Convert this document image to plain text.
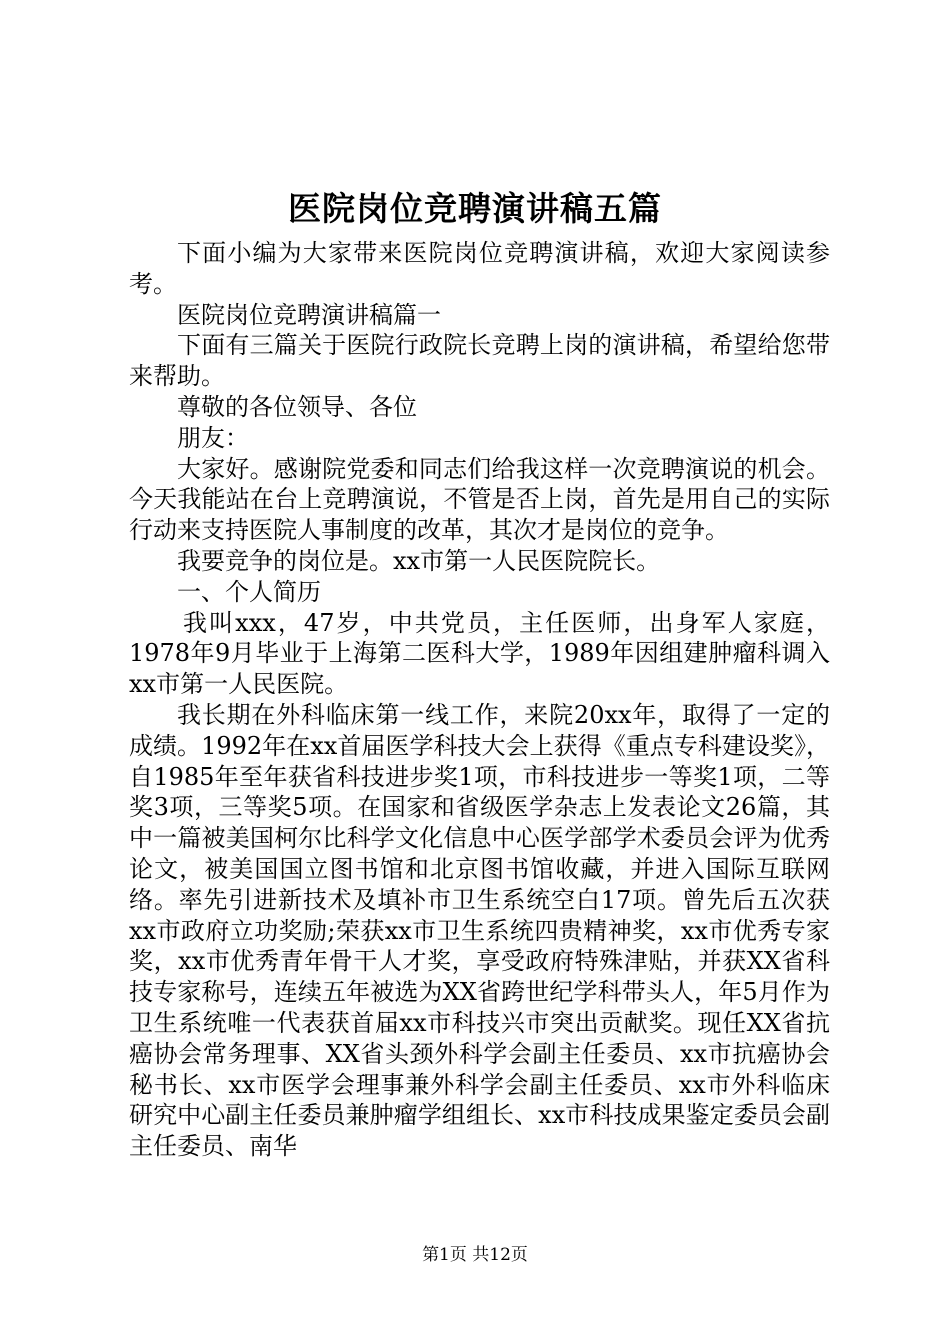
医院岗位竞聘演讲稿五篇

下面小编为大家带来医院岗位竞聘演讲稿，欢迎大家阅读参考。

医院岗位竞聘演讲稿篇一

下面有三篇关于医院行政院长竞聘上岗的演讲稿，希望给您带来帮助。

尊敬的各位领导、各位

朋友：

大家好。感谢院党委和同志们给我这样一次竞聘演说的机会。今天我能站在台上竞聘演说，不管是否上岗，首先是用自己的实际行动来支持医院人事制度的改革，其次才是岗位的竞争。

我要竞争的岗位是。xx市第一人民医院院长。

一、个人简历

我叫xxx，47岁，中共党员，主任医师，出身军人家庭，1978年9月毕业于上海第二医科大学，1989年因组建肿瘤科调入xx市第一人民医院。

我长期在外科临床第一线工作，来院20xx年，取得了一定的成绩。1992年在xx首届医学科技大会上获得《重点专科建设奖》，自1985年至年获省科技进步奖1项，市科技进步一等奖1项，二等奖3项，三等奖5项。在国家和省级医学杂志上发表论文26篇，其中一篇被美国柯尔比科学文化信息中心医学部学术委员会评为优秀论文，被美国国立图书馆和北京图书馆收藏，并进入国际互联网络。率先引进新技术及填补市卫生系统空白17项。曾先后五次获xx市政府立功奖励;荣获xx市卫生系统四贵精神奖，xx市优秀专家奖，xx市优秀青年骨干人才奖，享受政府特殊津贴，并获XX省科技专家称号，连续五年被选为XX省跨世纪学科带头人，年5月作为卫生系统唯一代表获首届xx市科技兴市突出贡献奖。现任XX省抗癌协会常务理事、XX省头颈外科学会副主任委员、xx市抗癌协会秘书长、xx市医学会理事兼外科学会副主任委员、xx市外科临床研究中心副主任委员兼肿瘤学组组长、xx市科技成果鉴定委员会副主任委员、南华

第1页 共12页
